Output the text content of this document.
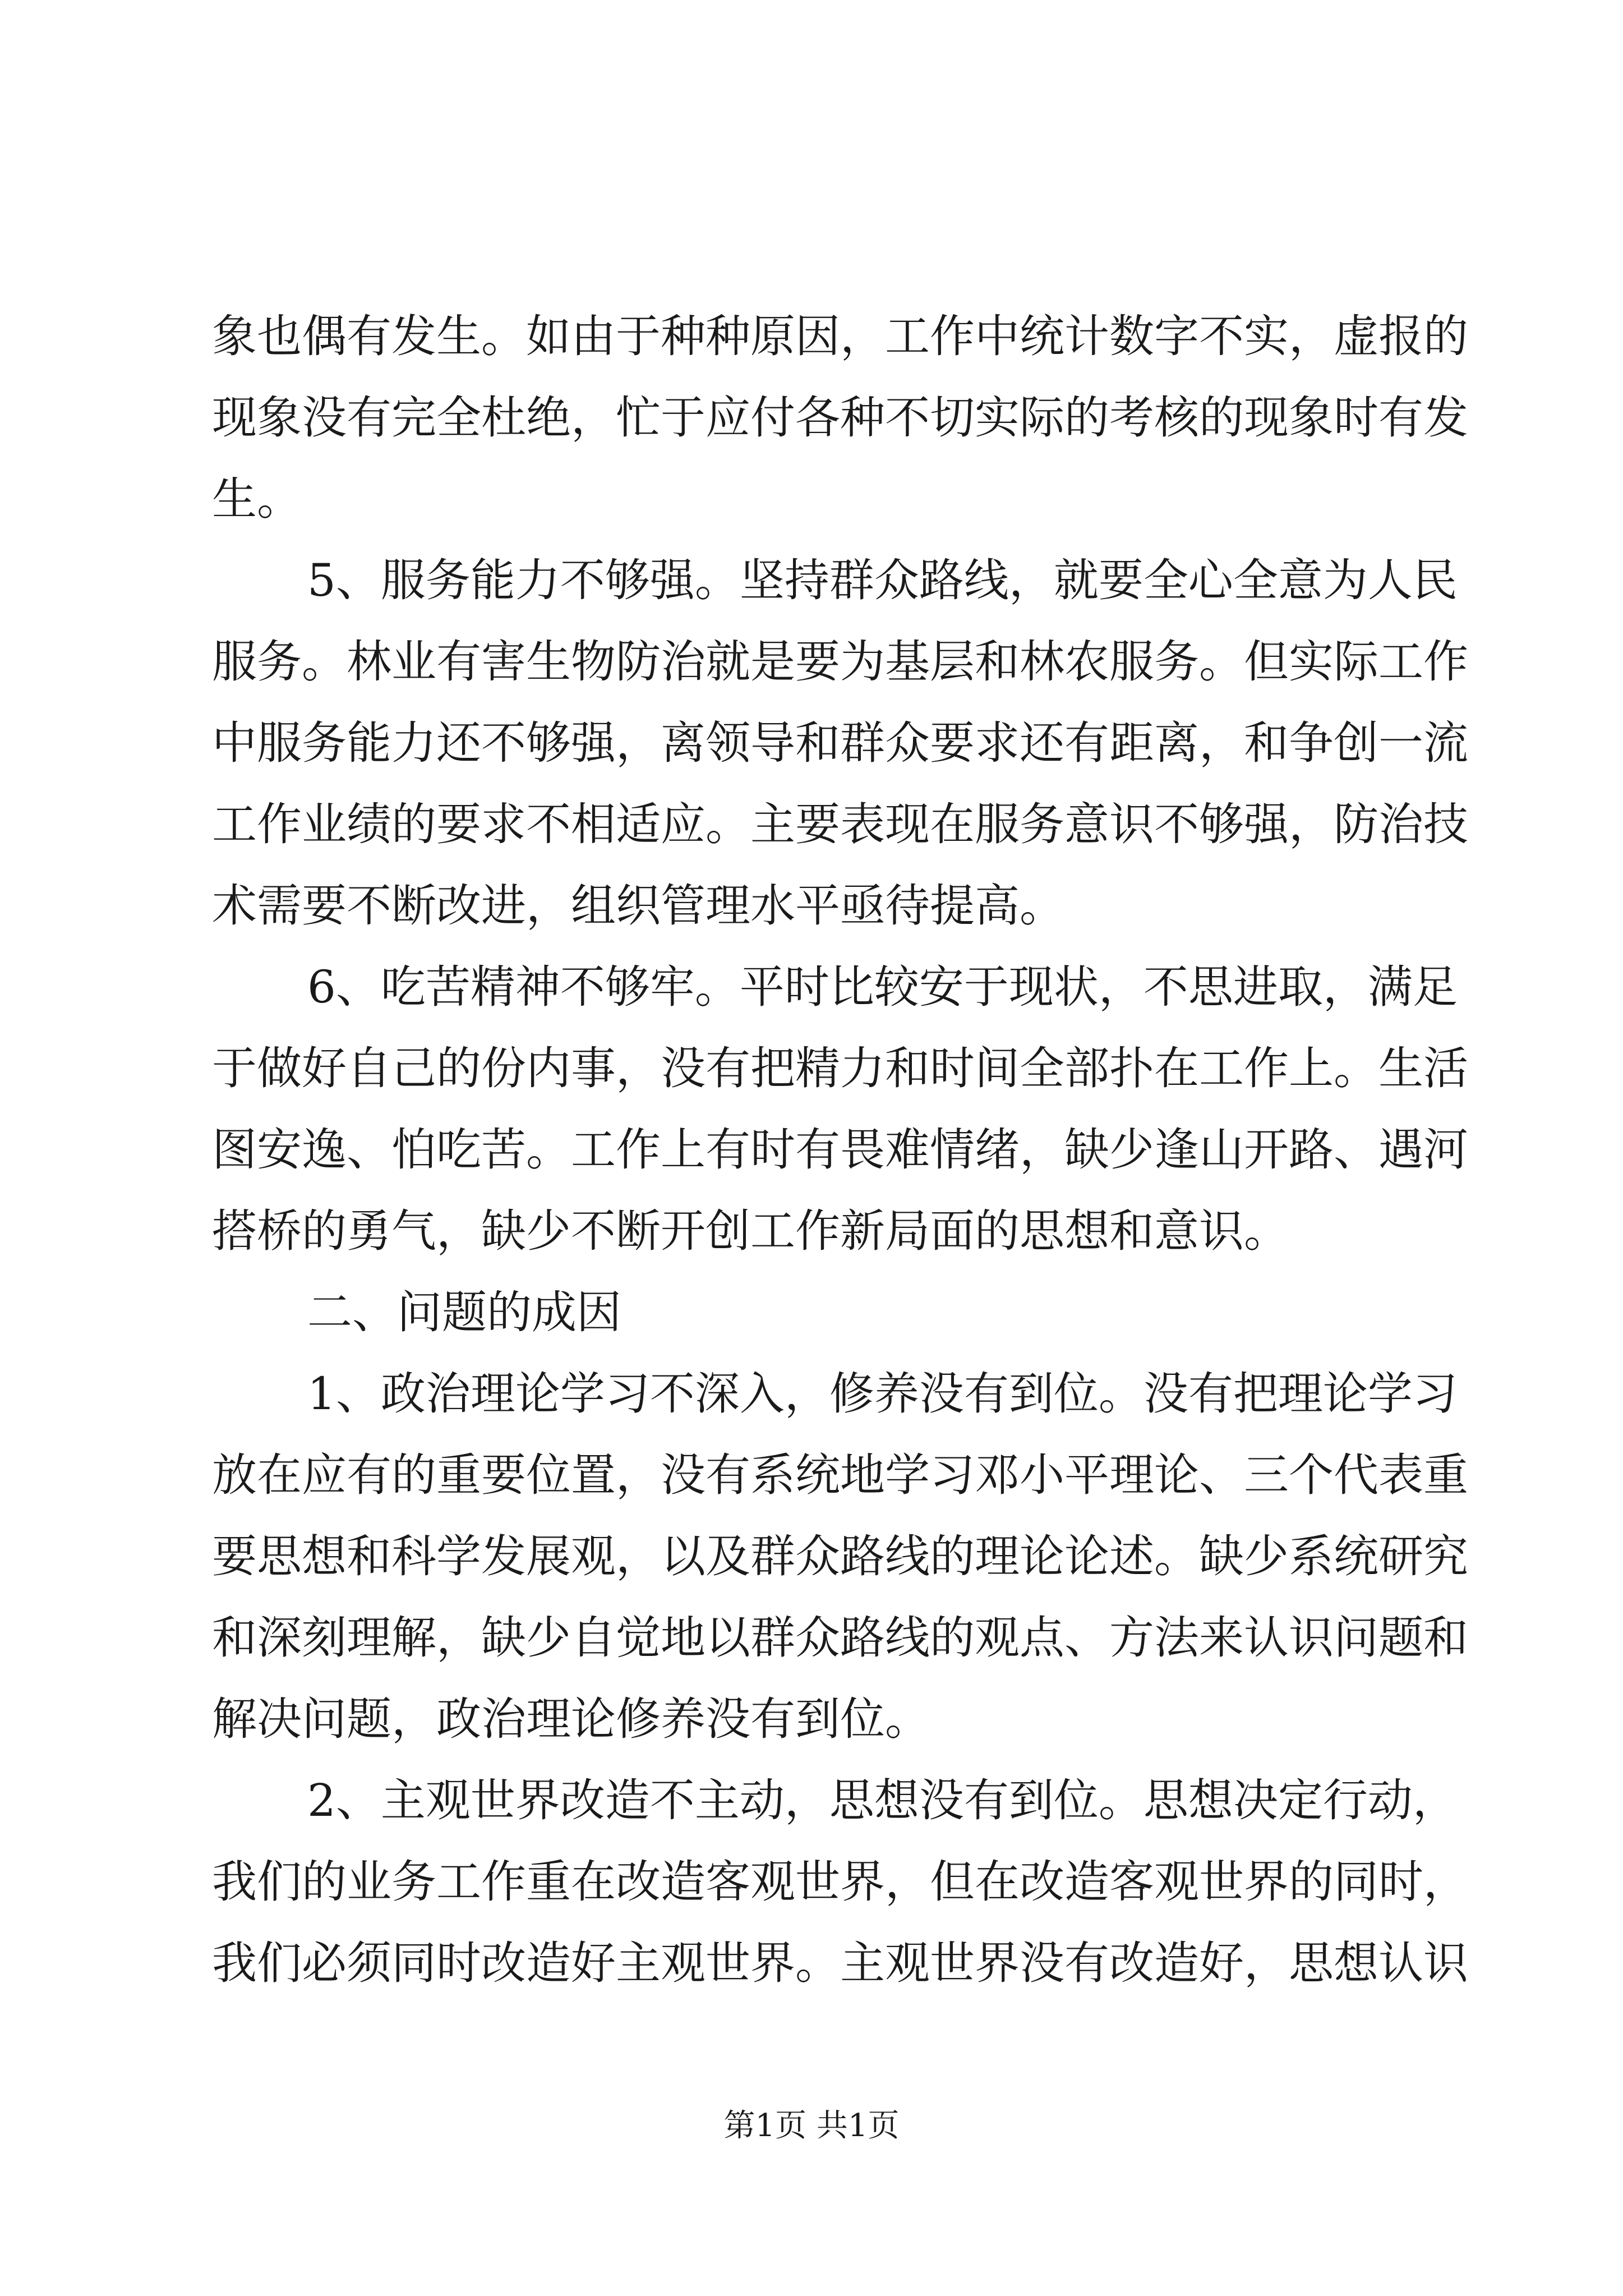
象也偶有发生。如由于种种原因，工作中统计数字不实，虚报的
现象没有完全杜绝，忙于应付各种不切实际的考核的现象时有发
生。
5、服务能力不够强。坚持群众路线，就要全心全意为人民
服务。林业有害生物防治就是要为基层和林农服务。但实际工作
中服务能力还不够强，离领导和群众要求还有距离，和争创一流
工作业绩的要求不相适应。主要表现在服务意识不够强，防治技
术需要不断改进，组织管理水平亟待提高。
6、吃苦精神不够牢。平时比较安于现状，不思进取，满足
于做好自己的份内事，没有把精力和时间全部扑在工作上。生活
图安逸、怕吃苦。工作上有时有畏难情绪，缺少逢山开路、遇河
搭桥的勇气，缺少不断开创工作新局面的思想和意识。
二、问题的成因
1、政治理论学习不深入，修养没有到位。没有把理论学习
放在应有的重要位置，没有系统地学习邓小平理论、三个代表重
要思想和科学发展观，以及群众路线的理论论述。缺少系统研究
和深刻理解，缺少自觉地以群众路线的观点、方法来认识问题和
解决问题，政治理论修养没有到位。
2、主观世界改造不主动，思想没有到位。思想决定行动，
我们的业务工作重在改造客观世界，但在改造客观世界的同时，
我们必须同时改造好主观世界。主观世界没有改造好，思想认识
第1页 共1页
